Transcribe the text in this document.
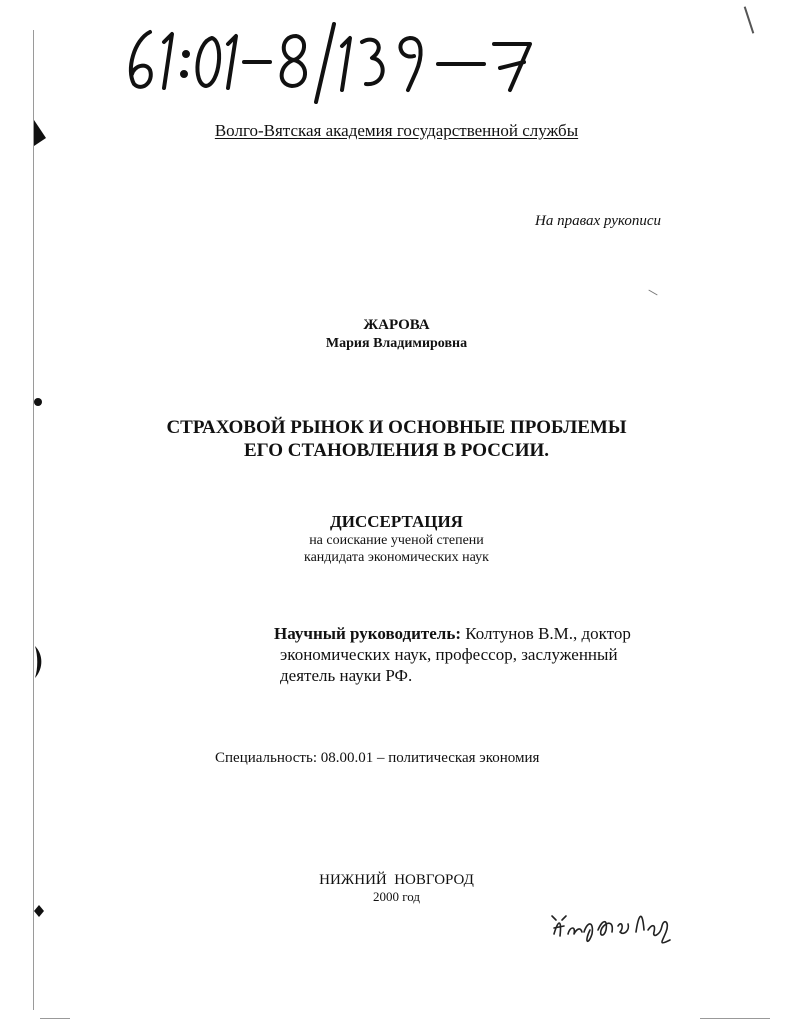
Волго-Вятская академия государственной службы
На правах рукописи
ЖАРОВА
Мария Владимировна
СТРАХОВОЙ РЫНОК И ОСНОВНЫЕ ПРОБЛЕМЫ
ЕГО СТАНОВЛЕНИЯ В РОССИИ.
ДИССЕРТАЦИЯ
на соискание ученой степени
кандидата экономических наук
Научный руководитель: Колтунов В.М., доктор
экономических наук, профессор, заслуженный
деятель науки РФ.
Специальность: 08.00.01 – политическая экономия
НИЖНИЙ  НОВГОРОД
2000 год
